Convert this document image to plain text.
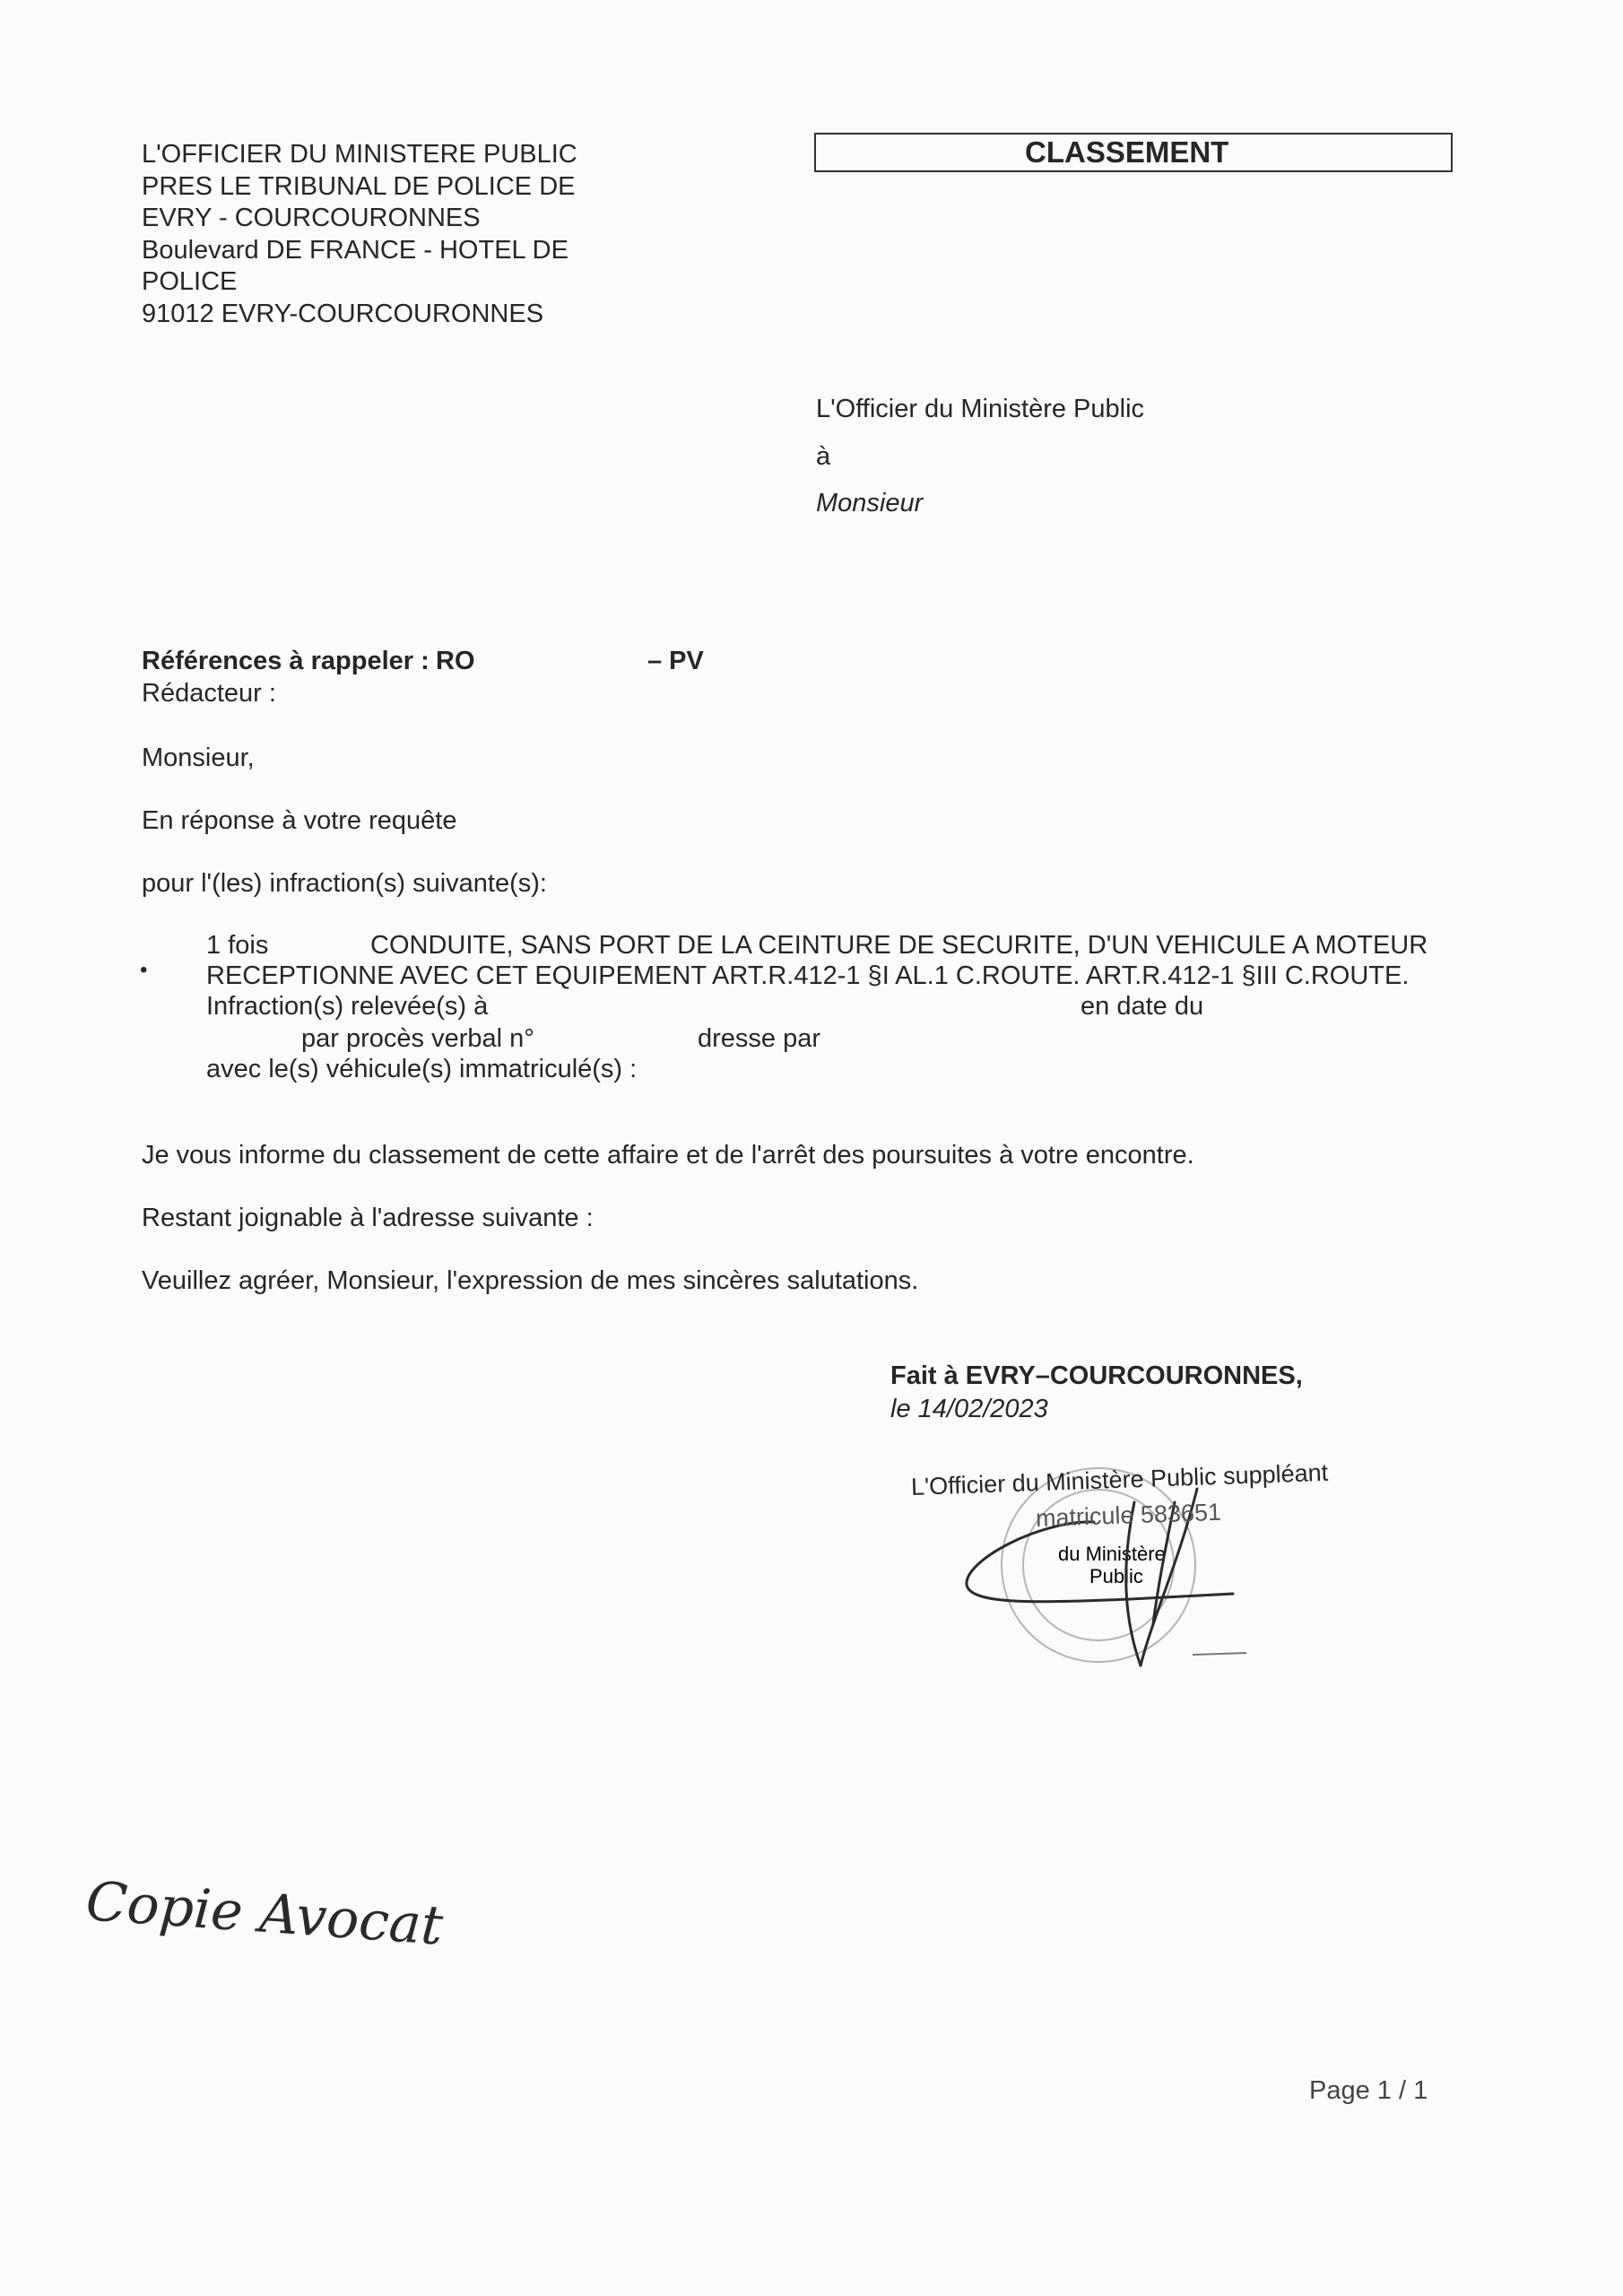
L'OFFICIER DU MINISTERE PUBLIC
PRES LE TRIBUNAL DE POLICE DE
EVRY - COURCOURONNES
Boulevard DE FRANCE - HOTEL DE
POLICE
91012 EVRY-COURCOURONNES
CLASSEMENT
L'Officier du Ministère Public
à
Monsieur
Références à rappeler : RO	– PV
Rédacteur :
Monsieur,
En réponse à votre requête
pour l'(les) infraction(s) suivante(s):
1 fois	CONDUITE, SANS PORT DE LA CEINTURE DE SECURITE, D'UN VEHICULE A MOTEUR
• RECEPTIONNE AVEC CET EQUIPEMENT ART.R.412-1 §I AL.1 C.ROUTE. ART.R.412-1 §III C.ROUTE.
Infraction(s) relevée(s) à	en date du
par procès verbal n°	dresse par
avec le(s) véhicule(s) immatriculé(s) :
Je vous informe du classement de cette affaire et de l'arrêt des poursuites à votre encontre.
Restant joignable à l'adresse suivante :
Veuillez agréer, Monsieur, l'expression de mes sincères salutations.
Fait à EVRY–COURCOURONNES,
le 14/02/2023
du Ministère
Public
L'Officier du Ministère Public suppléant
matricule 583651
Copie Avocat
Page 1 / 1
